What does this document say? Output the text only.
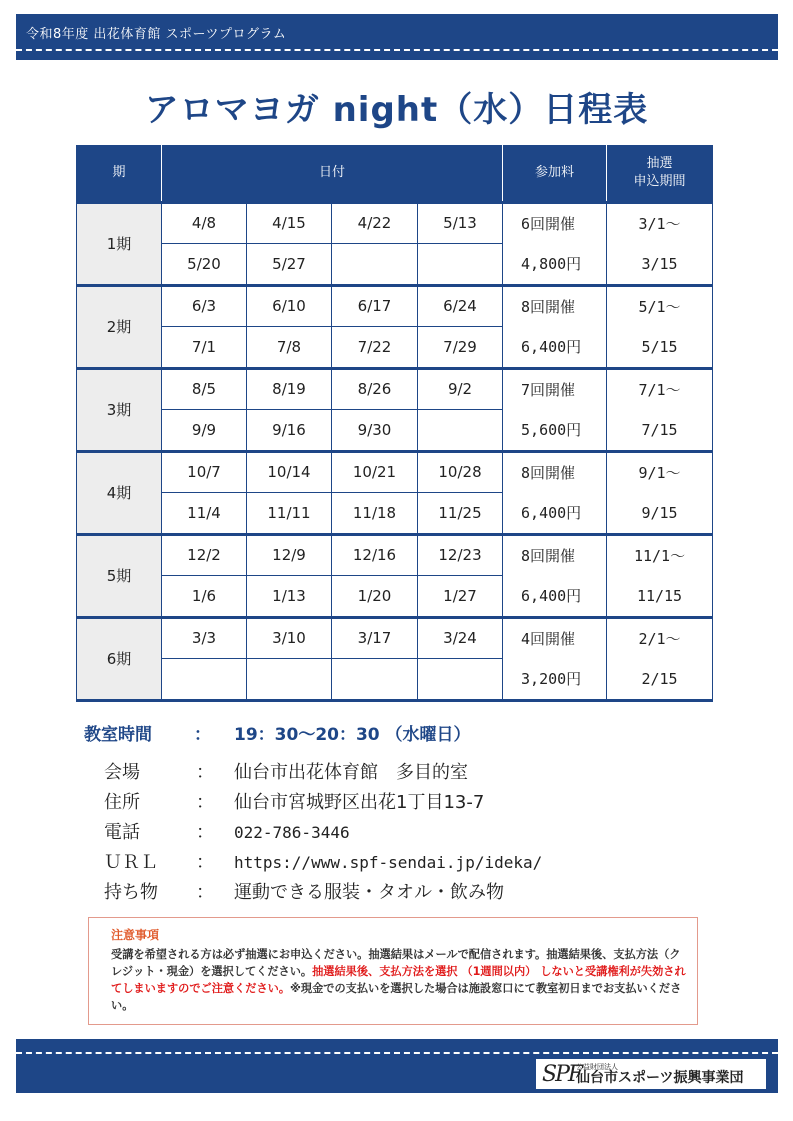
令和8年度 出花体育館 スポーツプログラム
アロマヨガ night（水）日程表
期	日付				参加料	抽選
申込期間
1期	4/8	4/15	4/22	5/13	6回開催	3/1～
	5/20	5/27			4,800円	3/15
2期	6/3	6/10	6/17	6/24	8回開催	5/1～
	7/1	7/8	7/22	7/29	6,400円	5/15
3期	8/5	8/19	8/26	9/2	7回開催	7/1～
	9/9	9/16	9/30		5,600円	7/15
4期	10/7	10/14	10/21	10/28	8回開催	9/1～
	11/4	11/11	11/18	11/25	6,400円	9/15
5期	12/2	12/9	12/16	12/23	8回開催	11/1～
	1/6	1/13	1/20	1/27	6,400円	11/15
6期	3/3	3/10	3/17	3/24	4回開催	2/1～
					3,200円	2/15
教室時間 ： 19：30～20：30 （水曜日）
会場	： 仙台市出花体育館　多目的室
住所	： 仙台市宮城野区出花1丁目13-7
電話	： 022-786-3446
ＵＲＬ ： https://www.spf-sendai.jp/ideka/
持ち物 ： 運動できる服装・タオル・飲み物
注意事項
受講を希望される方は必ず抽選にお申込ください。抽選結果はメールで配信されます。抽選結果後、支払方法（クレジット・現金）を選択してください。抽選結果後、支払方法を選択 （1週間以内） しないと受講権利が失効されてしまいますのでご注意ください。※現金での支払いを選択した場合は施設窓口にて教室初日までお支払いください。
SPF
公益財団法人
仙台市スポーツ振興事業団
